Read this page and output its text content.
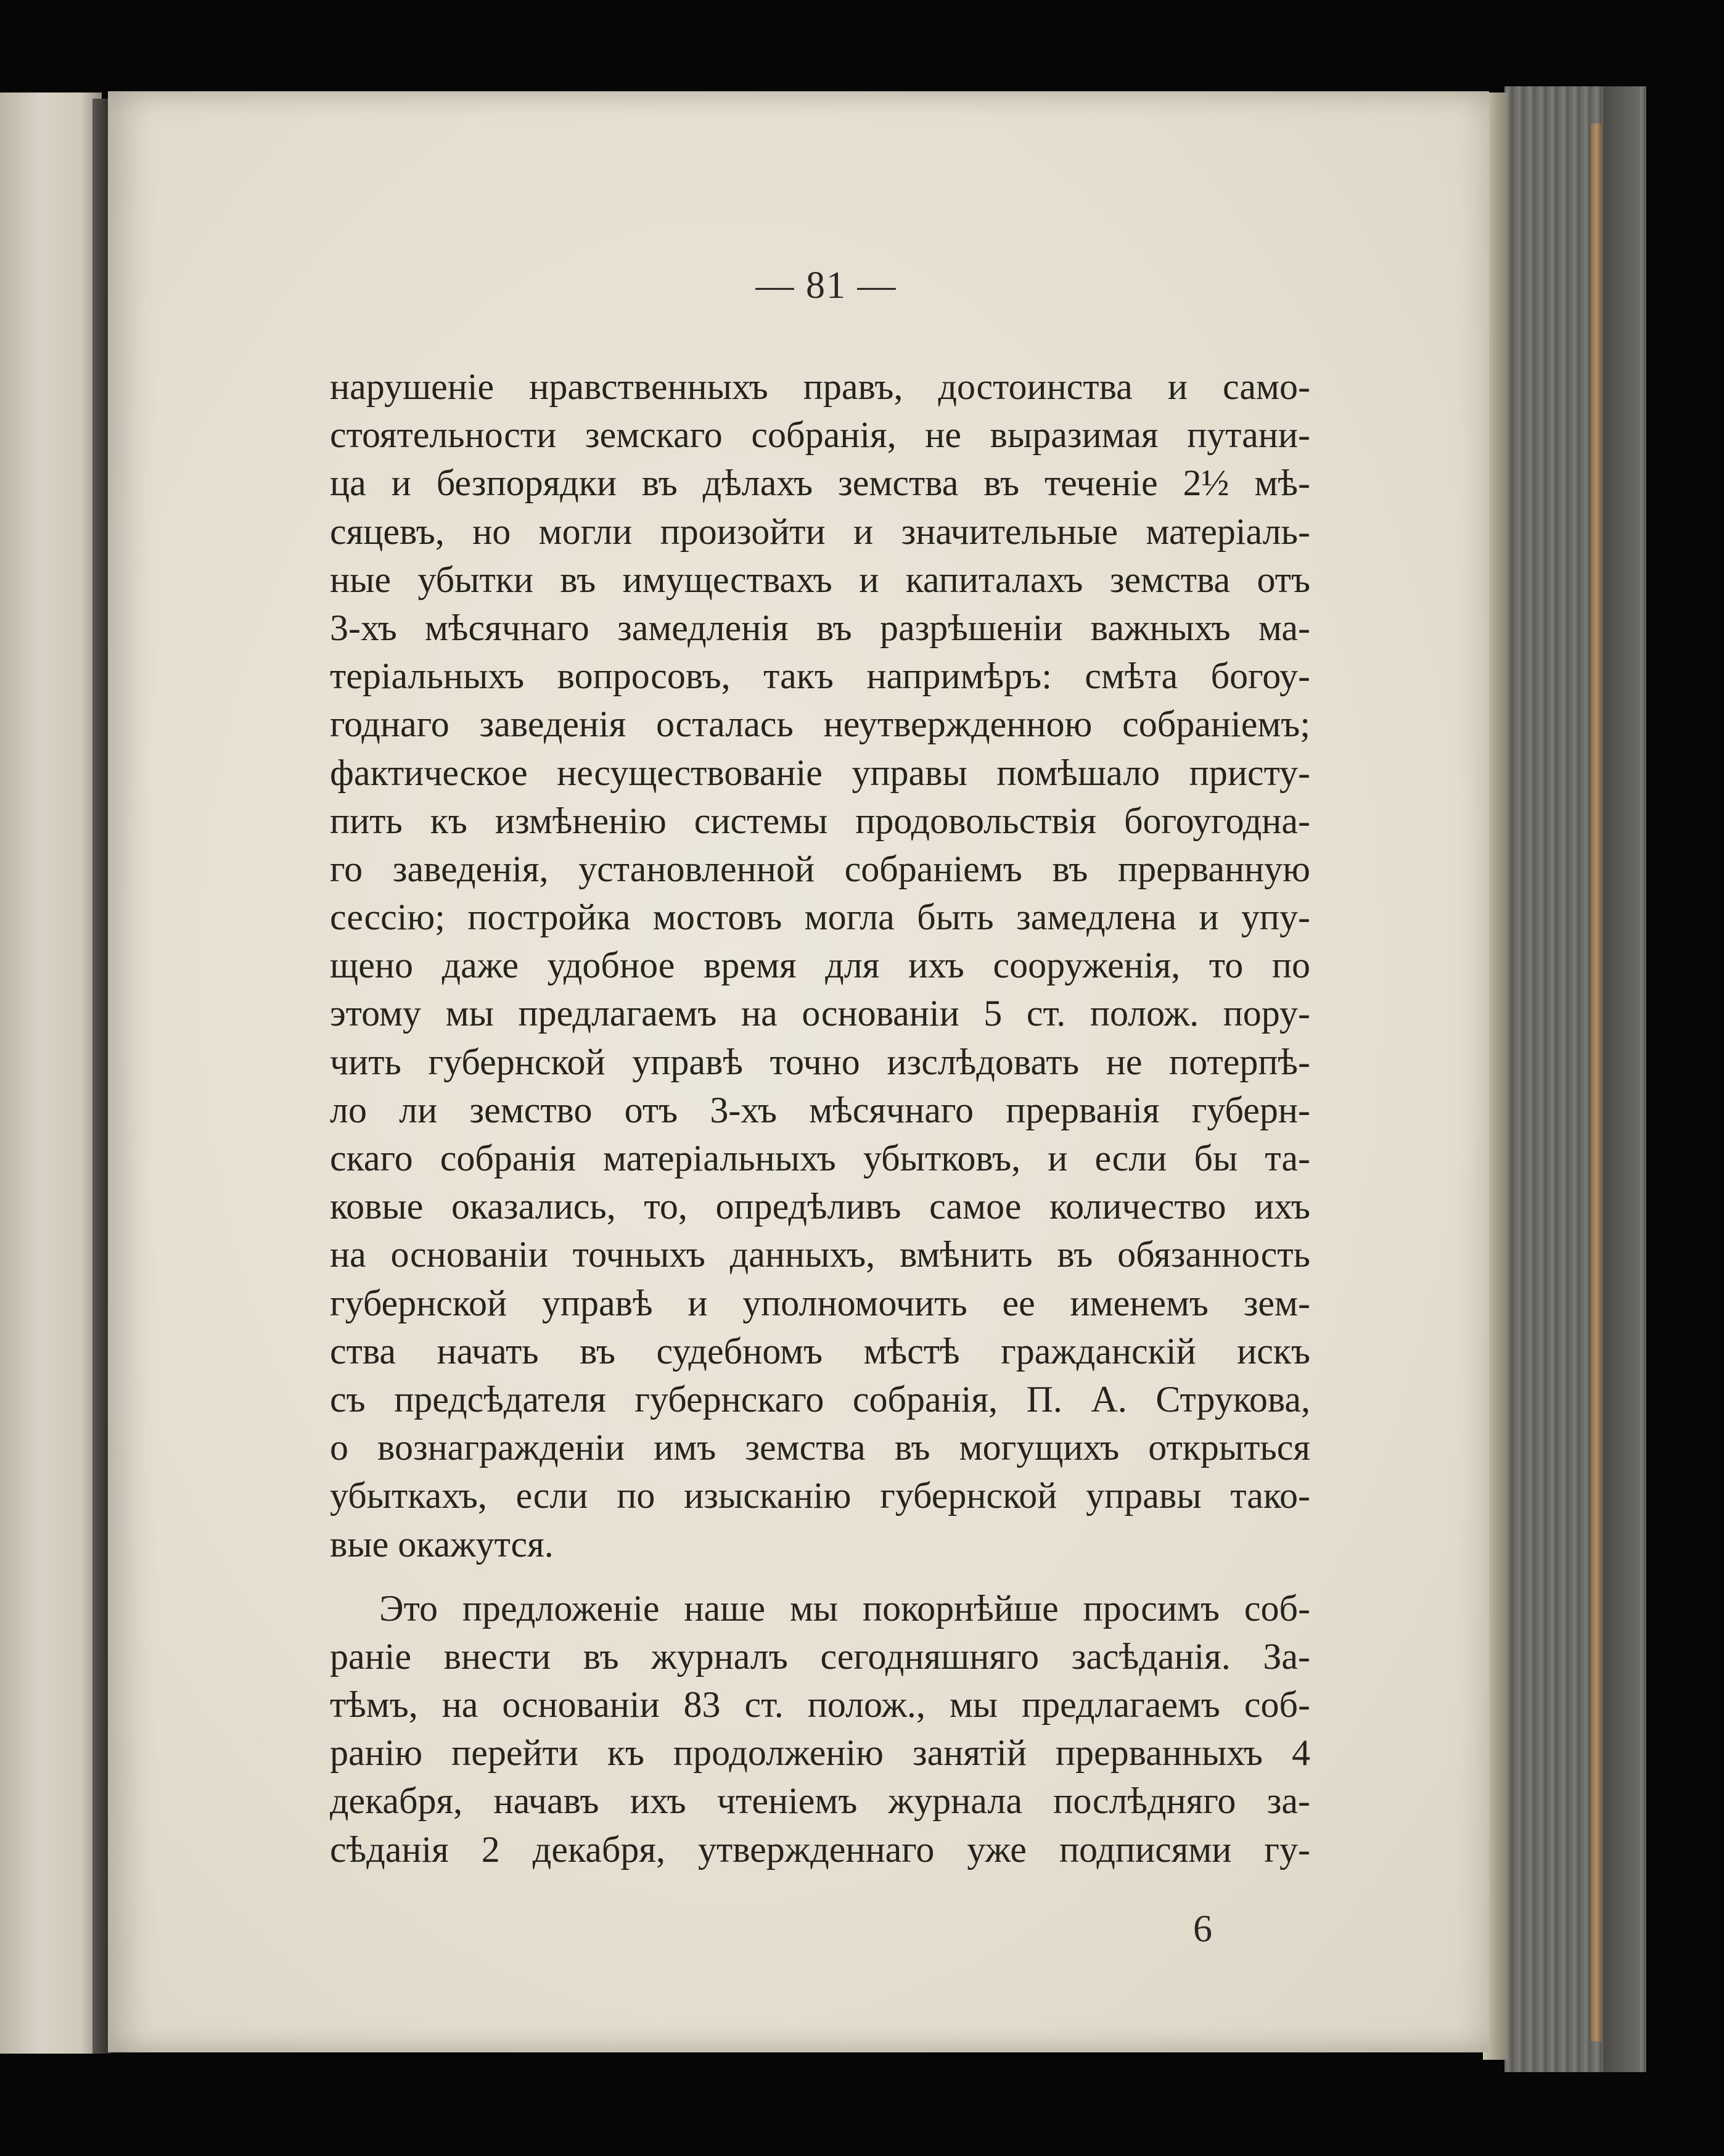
— 81 —
нарушенiе нравственныхъ правъ, достоинства и само-
стоятельности земскаго собранiя, не выразимая путани-
ца и безпорядки въ дѣлахъ земства въ теченiе 2½ мѣ-
сяцевъ, но могли произойти и значительные матерiаль-
ные убытки въ имуществахъ и капиталахъ земства отъ
3-хъ мѣсячнаго замедленiя въ разрѣшенiи важныхъ ма-
терiальныхъ вопросовъ, такъ напримѣръ: смѣта богоу-
годнаго заведенiя осталась неутвержденною собранiемъ;
фактическое несуществованiе управы помѣшало присту-
пить къ измѣненiю системы продовольствiя богоугодна-
го заведенiя, установленной собранiемъ въ прерванную
сессiю; постройка мостовъ могла быть замедлена и упу-
щено даже удобное время для ихъ сооруженiя, то по
этому мы предлагаемъ на основанiи 5 ст. полож. пору-
чить губернской управѣ точно изслѣдовать не потерпѣ-
ло ли земство отъ 3-хъ мѣсячнаго прерванiя губерн-
скаго собранiя матерiальныхъ убытковъ, и если бы та-
ковые оказались, то, опредѣливъ самое количество ихъ
на основанiи точныхъ данныхъ, вмѣнить въ обязанность
губернской управѣ и уполномочить ее именемъ зем-
ства начать въ судебномъ мѣстѣ гражданскiй искъ
съ предсѣдателя губернскаго собранiя, П. А. Струкова,
о вознагражденiи имъ земства въ могущихъ открыться
убыткахъ, если по изысканiю губернской управы тако-
вые окажутся.
Это предложенiе наше мы покорнѣйше просимъ соб-
ранiе внести въ журналъ сегодняшняго засѣданiя. За-
тѣмъ, на основанiи 83 ст. полож., мы предлагаемъ соб-
ранiю перейти къ продолженiю занятiй прерванныхъ 4
декабря, начавъ ихъ чтенiемъ журнала послѣдняго за-
сѣданiя 2 декабря, утвержденнаго уже подписями гу-
6
